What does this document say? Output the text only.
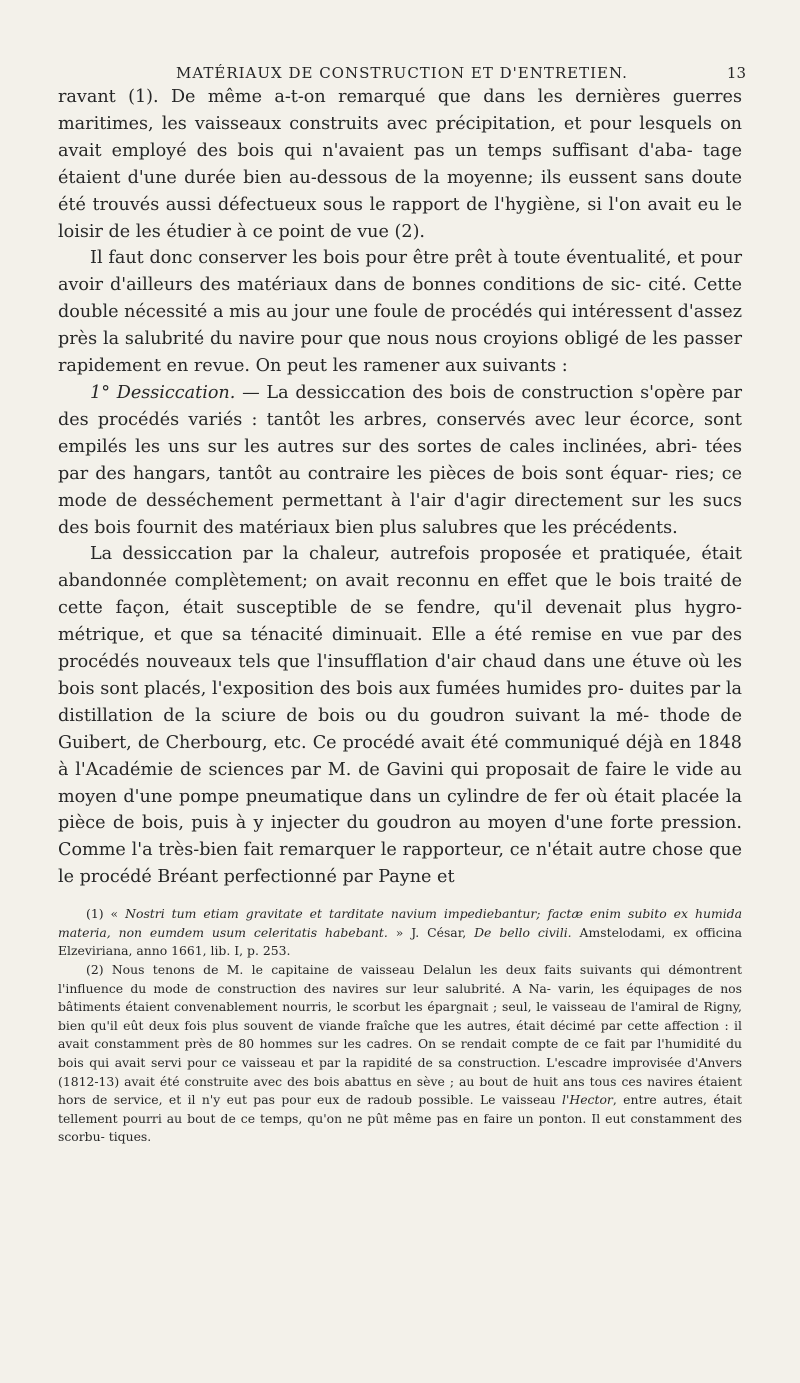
MATÉRIAUX DE CONSTRUCTION ET D'ENTRETIEN.	13

ravant (1). De même a-t-on remarqué que dans les dernières guerres maritimes, les vaisseaux construits avec précipitation, et pour lesquels on avait employé des bois qui n'avaient pas un temps suffisant d'aba- tage étaient d'une durée bien au-dessous de la moyenne; ils eussent sans doute été trouvés aussi défectueux sous le rapport de l'hygiène, si l'on avait eu le loisir de les étudier à ce point de vue (2).

Il faut donc conserver les bois pour être prêt à toute éventualité, et pour avoir d'ailleurs des matériaux dans de bonnes conditions de sic- cité. Cette double nécessité a mis au jour une foule de procédés qui intéressent d'assez près la salubrité du navire pour que nous nous croyions obligé de les passer rapidement en revue. On peut les ramener aux suivants :

1° Dessiccation. — La dessiccation des bois de construction s'opère par des procédés variés : tantôt les arbres, conservés avec leur écorce, sont empilés les uns sur les autres sur des sortes de cales inclinées, abri- tées par des hangars, tantôt au contraire les pièces de bois sont équar- ries; ce mode de desséchement permettant à l'air d'agir directement sur les sucs des bois fournit des matériaux bien plus salubres que les précédents.

La dessiccation par la chaleur, autrefois proposée et pratiquée, était abandonnée complètement; on avait reconnu en effet que le bois traité de cette façon, était susceptible de se fendre, qu'il devenait plus hygro- métrique, et que sa ténacité diminuait. Elle a été remise en vue par des procédés nouveaux tels que l'insufflation d'air chaud dans une étuve où les bois sont placés, l'exposition des bois aux fumées humides pro- duites par la distillation de la sciure de bois ou du goudron suivant la mé- thode de Guibert, de Cherbourg, etc. Ce procédé avait été communiqué déjà en 1848 à l'Académie de sciences par M. de Gavini qui proposait de faire le vide au moyen d'une pompe pneumatique dans un cylindre de fer où était placée la pièce de bois, puis à y injecter du goudron au moyen d'une forte pression. Comme l'a très-bien fait remarquer le rapporteur, ce n'était autre chose que le procédé Bréant perfectionné par Payne et

(1) « Nostri tum etiam gravitate et tarditate navium impediebantur; factæ enim subito ex humida materia, non eumdem usum celeritatis habebant. » J. César, De bello civili. Amstelodami, ex officina Elzeviriana, anno 1661, lib. I, p. 253.

(2) Nous tenons de M. le capitaine de vaisseau Delalun les deux faits suivants qui démontrent l'influence du mode de construction des navires sur leur salubrité. A Na- varin, les équipages de nos bâtiments étaient convenablement nourris, le scorbut les épargnait ; seul, le vaisseau de l'amiral de Rigny, bien qu'il eût deux fois plus souvent de viande fraîche que les autres, était décimé par cette affection : il avait constamment près de 80 hommes sur les cadres. On se rendait compte de ce fait par l'humidité du bois qui avait servi pour ce vaisseau et par la rapidité de sa construction. L'escadre improvisée d'Anvers (1812-13) avait été construite avec des bois abattus en sève ; au bout de huit ans tous ces navires étaient hors de service, et il n'y eut pas pour eux de radoub possible. Le vaisseau l'Hector, entre autres, était tellement pourri au bout de ce temps, qu'on ne pût même pas en faire un ponton. Il eut constamment des scorbu- tiques.
